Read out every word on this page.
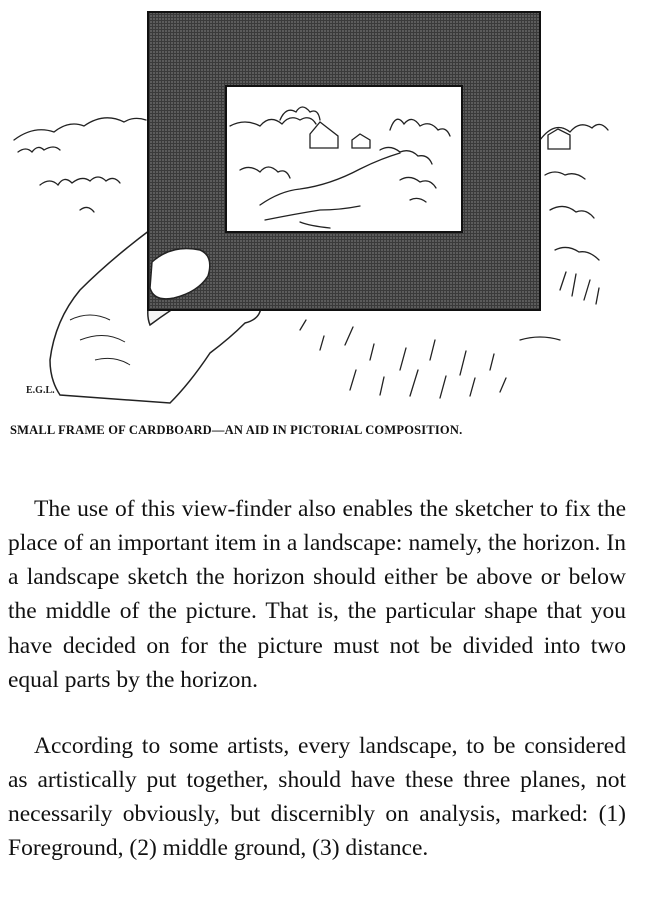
E.G.L.
SMALL FRAME OF CARDBOARD—AN AID IN PICTORIAL COMPOSITION.

The use of this view-finder also enables the sketcher to fix the place of an important item in a landscape: namely, the horizon. In a landscape sketch the horizon should either be above or below the middle of the picture. That is, the particular shape that you have decided on for the picture must not be divided into two equal parts by the horizon.

According to some artists, every landscape, to be considered as artistically put together, should have these three planes, not necessarily obviously, but discernibly on analysis, marked: (1) Foreground, (2) middle ground, (3) distance.
